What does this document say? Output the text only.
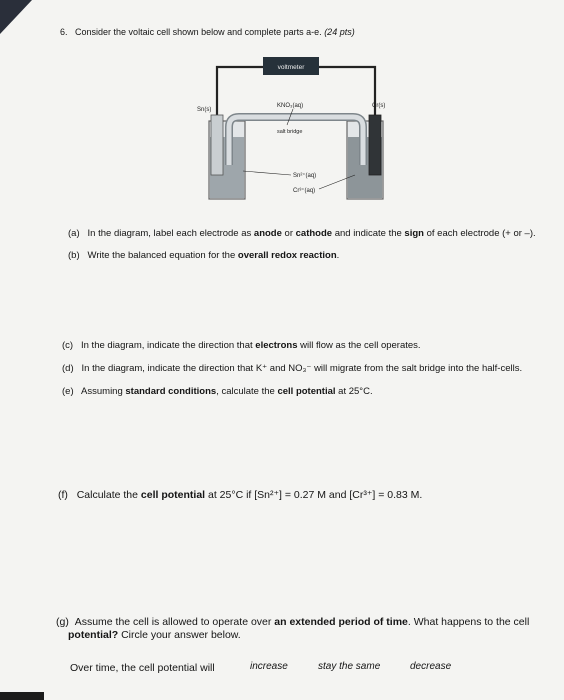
6. Consider the voltaic cell shown below and complete parts a-e. (24 pts)
voltmeter
Sn(s)
Cr(s)
KNO₃(aq)
salt bridge
Sn²⁺(aq)
Cr³⁺(aq)
(a) In the diagram, label each electrode as anode or cathode and indicate the sign of each electrode (+ or –).
(b) Write the balanced equation for the overall redox reaction.
(c) In the diagram, indicate the direction that electrons will flow as the cell operates.
(d) In the diagram, indicate the direction that K⁺ and NO₃⁻ will migrate from the salt bridge into the half-cells.
(e) Assuming standard conditions, calculate the cell potential at 25°C.
(f) Calculate the cell potential at 25°C if [Sn²⁺] = 0.27 M and [Cr³⁺] = 0.83 M.
(g) Assume the cell is allowed to operate over an extended period of time. What happens to the cell
potential? Circle your answer below.
Over time, the cell potential will	increase	stay the same	decrease
